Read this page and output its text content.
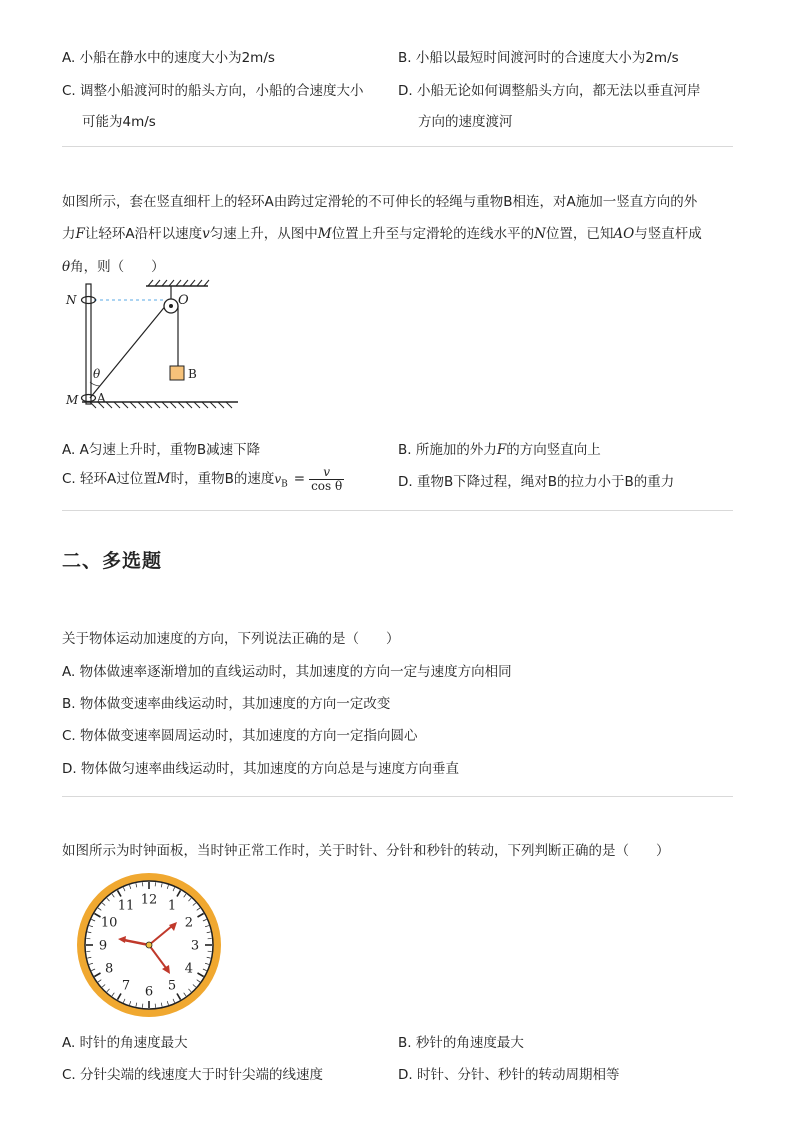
A. 小船在静水中的速度大小为2m/s	B. 小船以最短时间渡河时的合速度大小为2m/s
C. 调整小船渡河时的船头方向，小船的合速度大小
可能为4m/s
D. 小船无论如何调整船头方向，都无法以垂直河岸
方向的速度渡河
如图所示，套在竖直细杆上的轻环A由跨过定滑轮的不可伸长的轻绳与重物B相连，对A施加一竖直方向的外
力F让轻环A沿杆以速度v匀速上升，从图中M位置上升至与定滑轮的连线水平的N位置，已知AO与竖直杆成
θ角，则（　　）
N	O
B
θ
M A
A. A匀速上升时，重物B减速下降	B. 所施加的外力F的方向竖直向上
C. 轻环A过位置M时，重物B的速度$v_B = \frac{v}{\text{cos θ}}$	D. 重物B下降过程，绳对B的拉力小于B的重力
二、多选题
关于物体运动加速度的方向，下列说法正确的是（　　）
A. 物体做速率逐渐增加的直线运动时，其加速度的方向一定与速度方向相同
B. 物体做变速率曲线运动时，其加速度的方向一定改变
C. 物体做变速率圆周运动时，其加速度的方向一定指向圆心
D. 物体做匀速率曲线运动时，其加速度的方向总是与速度方向垂直
如图所示为时钟面板，当时钟正常工作时，关于时针、分针和秒针的转动，下列判断正确的是（　　）
12 1
2
3
4
5
6
7
8
9
10
11
A. 时针的角速度最大	B. 秒针的角速度最大
C. 分针尖端的线速度大于时针尖端的线速度	D. 时针、分针、秒针的转动周期相等
